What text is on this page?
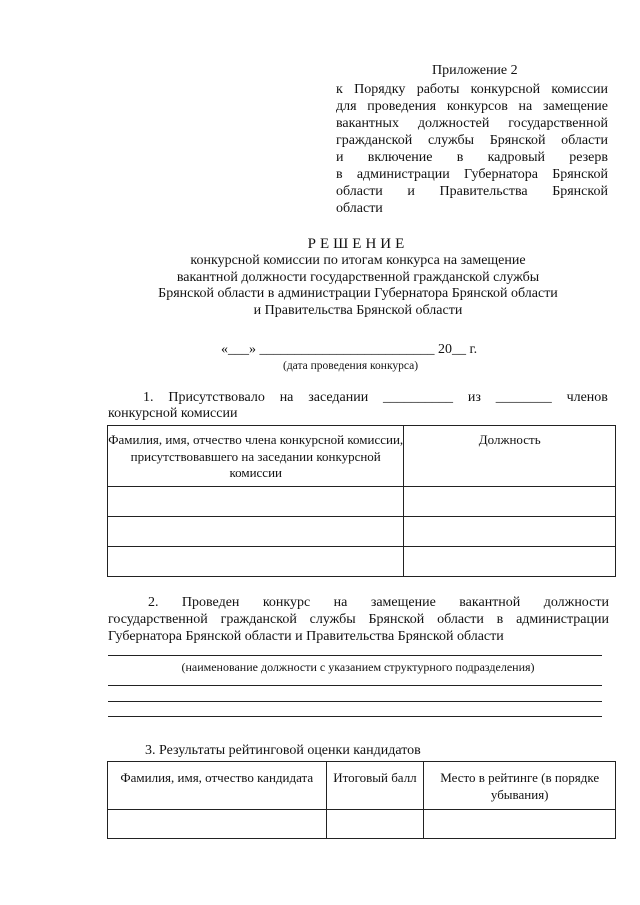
Приложение 2
к Порядку работы конкурсной комиссии
для проведения конкурсов на замещение
вакантных должностей государственной
гражданской службы Брянской области
и включение в кадровый резерв
в администрации Губернатора Брянской
области и Правительства Брянской
области
РЕШЕНИЕ
конкурсной комиссии по итогам конкурса на замещение
вакантной должности государственной гражданской службы
Брянской области в администрации Губернатора Брянской области
и Правительства Брянской области
«___» _________________________ 20__ г.
(дата проведения конкурса)
1. Присутствовало на заседании __________ из ________ членов
конкурсной комиссии
Фамилия, имя, отчество члена конкурсной комиссии, присутствовавшего на заседании конкурсной комиссии	Должность

2. Проведен конкурс на замещение вакантной должности
государственной гражданской службы Брянской области в администрации
Губернатора Брянской области и Правительства Брянской области
(наименование должности с указанием структурного подразделения)
3. Результаты рейтинговой оценки кандидатов
Фамилия, имя, отчество кандидата	Итоговый балл	Место в рейтинге (в порядке убывания)
